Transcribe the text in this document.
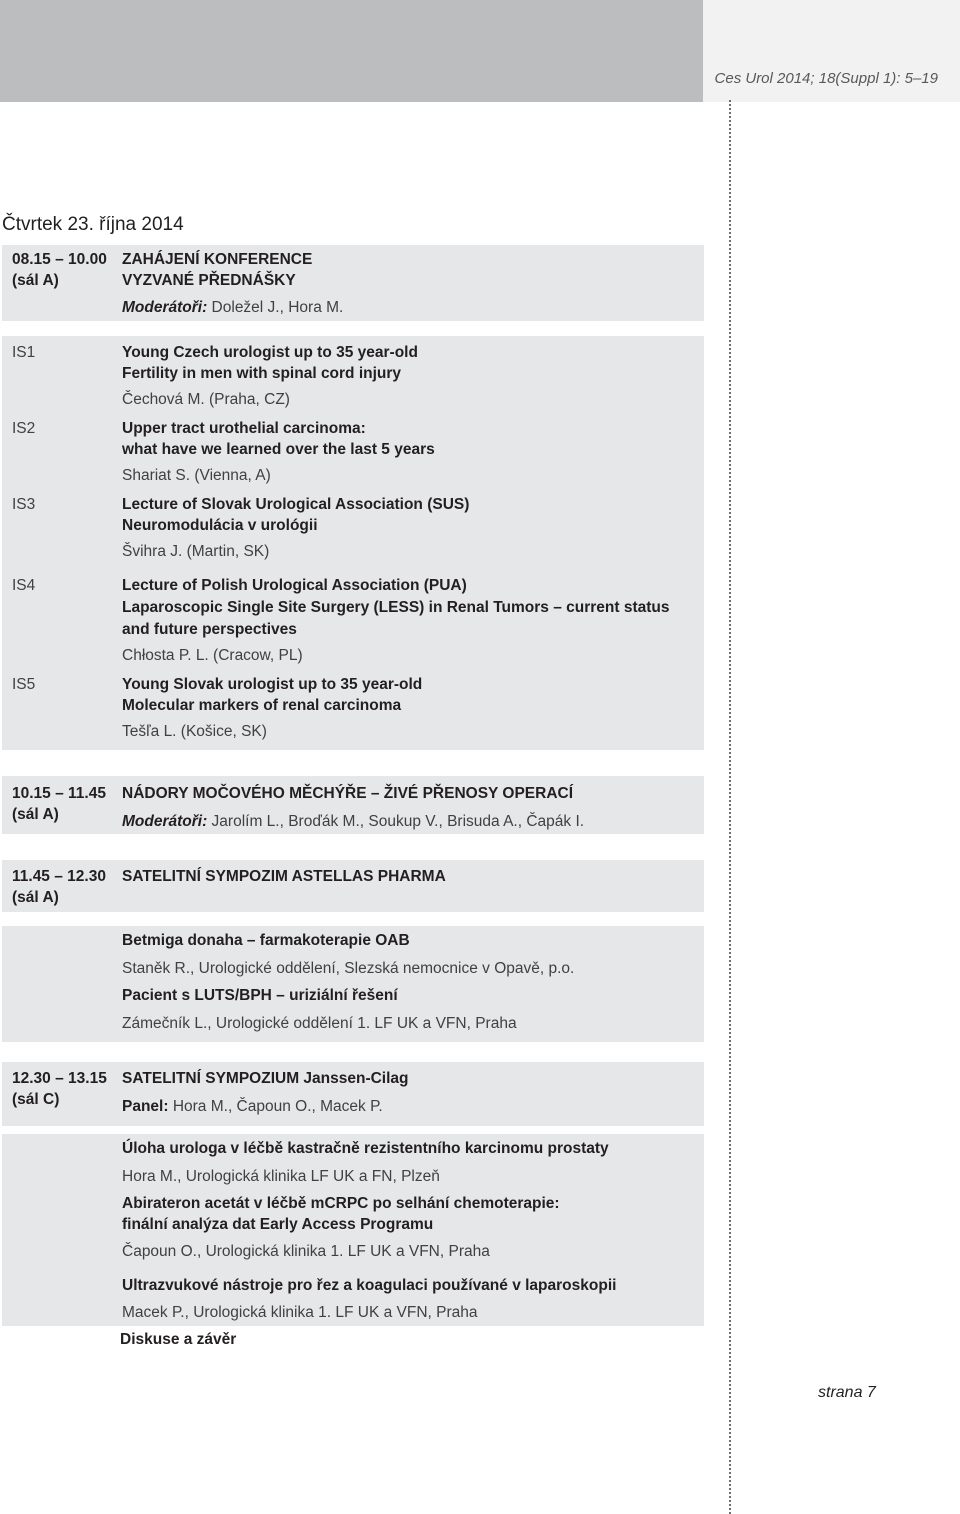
Ces Urol 2014; 18(Suppl 1): 5–19
Čtvrtek 23. října 2014
08.15 – 10.00
(sál A)
ZAHÁJENÍ KONFERENCE
VYZVANÉ PŘEDNÁŠKY
Moderátoři: Doležel J., Hora M.
IS1	Young Czech urologist up to 35 year-old
Fertility in men with spinal cord injury
Čechová M. (Praha, CZ)
IS2	Upper tract urothelial carcinoma:
what have we learned over the last 5 years
Shariat S. (Vienna, A)
IS3	Lecture of Slovak Urological Association (SUS)
Neuromodulácia v urológii
Švihra J. (Martin, SK)
IS4	Lecture of Polish Urological Association (PUA)
Laparoscopic Single Site Surgery (LESS) in Renal Tumors – current status
and future perspectives
Chłosta P. L. (Cracow, PL)
IS5	Young Slovak urologist up to 35 year-old
Molecular markers of renal carcinoma
Tešľa L. (Košice, SK)
10.15 – 11.45
(sál A)
NÁDORY MOČOVÉHO MĚCHÝŘE – ŽIVÉ PŘENOSY OPERACÍ
Moderátoři: Jarolím L., Broďák M., Soukup V., Brisuda A., Čapák I.
11.45 – 12.30
(sál A)
SATELITNÍ SYMPOZIM ASTELLAS PHARMA
Betmiga donaha – farmakoterapie OAB
Staněk R., Urologické oddělení, Slezská nemocnice v Opavě, p.o.
Pacient s LUTS/BPH – uriziální řešení
Zámečník L., Urologické oddělení 1. LF UK a VFN, Praha
12.30 – 13.15
(sál C)
SATELITNÍ SYMPOZIUM Janssen-Cilag
Panel: Hora M., Čapoun O., Macek P.
Úloha urologa v léčbě kastračně rezistentního karcinomu prostaty
Hora M., Urologická klinika LF UK a FN, Plzeň
Abirateron acetát v léčbě mCRPC po selhání chemoterapie:
finální analýza dat Early Access Programu
Čapoun O., Urologická klinika 1. LF UK a VFN, Praha
Ultrazvukové nástroje pro řez a koagulaci používané v laparoskopii
Macek P., Urologická klinika 1. LF UK a VFN, Praha
Diskuse a závěr
strana 7
